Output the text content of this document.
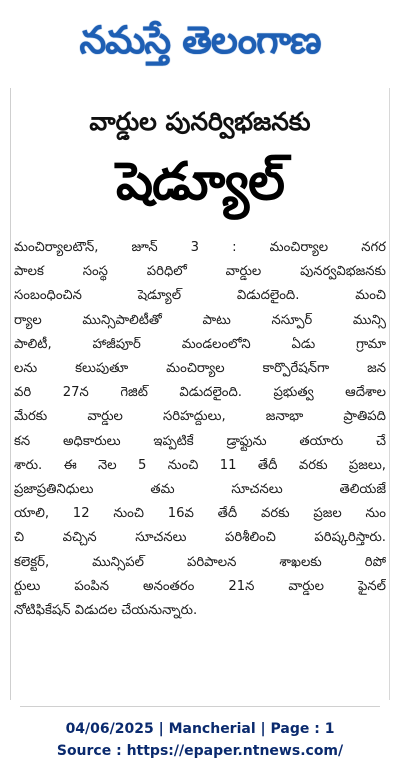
నమస్తే తెలంగాణ
వార్డుల పునర్విభజనకు
షెడ్యూల్
మంచిర్యాలటౌన్, జూన్ 3 : మంచిర్యాల నగర
పాలక సంస్థ పరిధిలో వార్డుల పునర్వవిభజనకు
సంబంధించిన షెడ్యూల్ విడుదలైంది. మంచి
ర్యాల మున్సిపాలిటీతో పాటు నస్పూర్ మున్సి
పాలిటీ, హాజీపూర్ మండలంలోని ఏడు గ్రామా
లను కలుపుతూ మంచిర్యాల కార్పొరేషన్‌గా జన
వరి 27న గెజిట్ విడుదలైంది. ప్రభుత్వ ఆదేశాల
మేరకు వార్డుల సరిహద్దులు, జనాభా ప్రాతిపది
కన అధికారులు ఇప్పటికే డ్రాఫ్టును తయారు చే
శారు. ఈ నెల 5 నుంచి 11 తేదీ వరకు ప్రజలు,
ప్రజాప్రతినిధులు తమ సూచనలు తెలియజే
యాలి, 12 నుంచి 16వ తేదీ వరకు ప్రజల నుం
చి వచ్చిన సూచనలు పరిశీలించి పరిష్కరిస్తారు.
కలెక్టర్, మున్సిపల్ పరిపాలన శాఖలకు రిపో
ర్టులు పంపిన అనంతరం 21న వార్డుల ఫైనల్
నోటిఫికేషన్ విడుదల చేయనున్నారు.
04/06/2025 | Mancherial | Page : 1
Source : https://epaper.ntnews.com/
